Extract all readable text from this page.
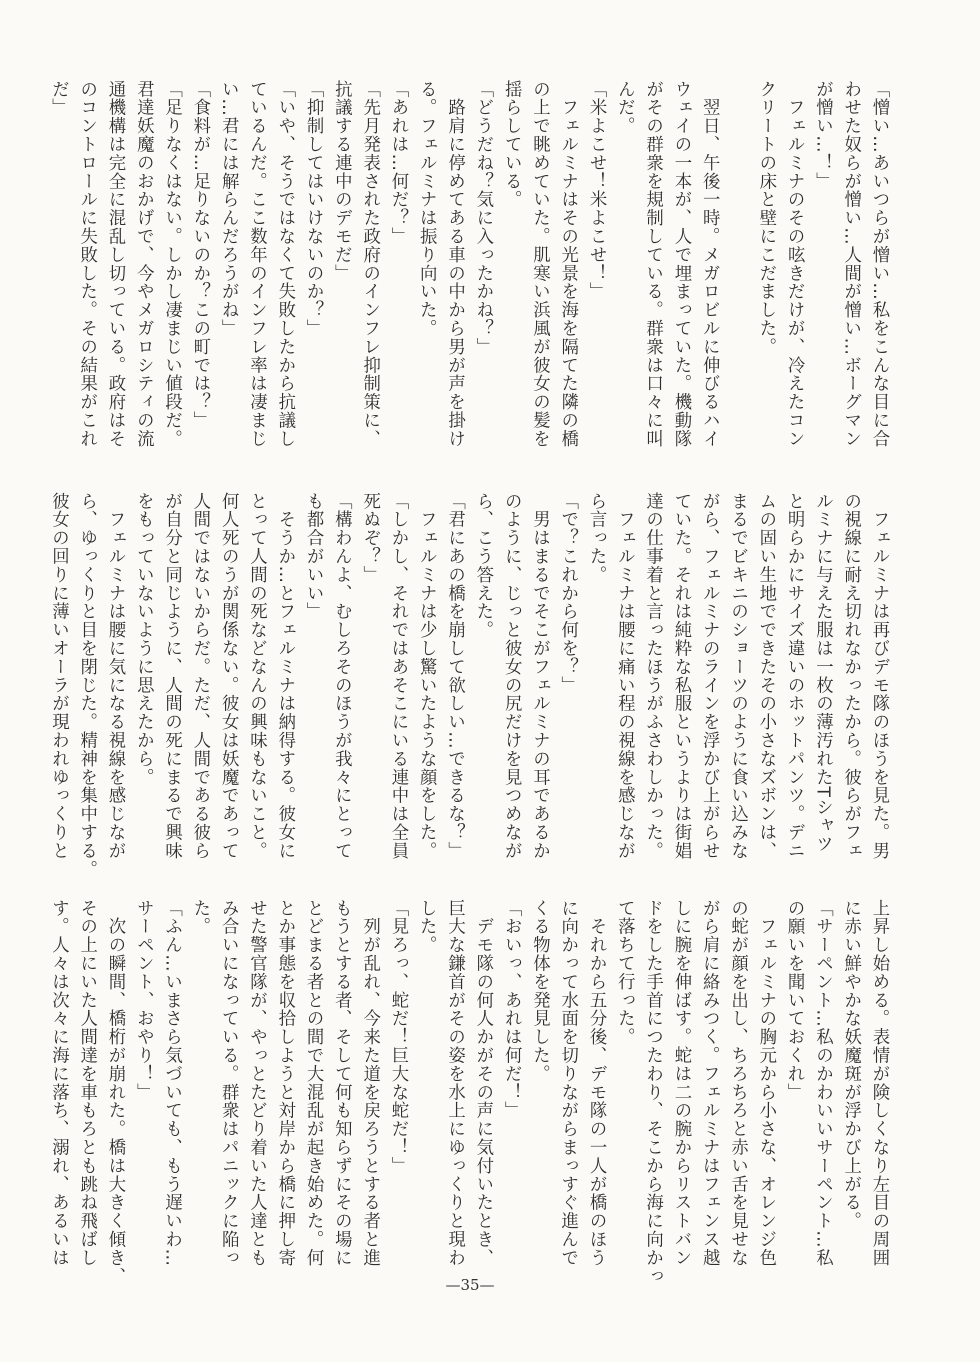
「憎い…あいつらが憎い…私をこんな目に合
わせた奴らが憎い…人間が憎い…ボーグマン
が憎い…！」
　フェルミナのその呟きだけが、冷えたコン
クリートの床と壁にこだました。
　翌日、午後一時。メガロビルに伸びるハイ
ウェイの一本が、人で埋まっていた。機動隊
がその群衆を規制している。群衆は口々に叫
んだ。
「米よこせ！米よこせ！」
　フェルミナはその光景を海を隔てた隣の橋
の上で眺めていた。肌寒い浜風が彼女の髪を
揺らしている。
「どうだね？気に入ったかね？」
　路肩に停めてある車の中から男が声を掛け
る。フェルミナは振り向いた。
「あれは…何だ？」
「先月発表された政府のインフレ抑制策に、
抗議する連中のデモだ」
「抑制してはいけないのか？」
「いや、そうではなくて失敗したから抗議し
ているんだ。ここ数年のインフレ率は凄まじ
い…君には解らんだろうがね」
「食料が…足りないのか？この町では？」
「足りなくはない。しかし凄まじい値段だ。
君達妖魔のおかげで、今やメガロシティの流
通機構は完全に混乱し切っている。政府はそ
のコントロールに失敗した。その結果がこれ
だ」
　フェルミナは再びデモ隊のほうを見た。男
の視線に耐え切れなかったから。彼らがフェ
ルミナに与えた服は一枚の薄汚れたTシャツ
と明らかにサイズ違いのホットパンツ。デニ
ムの固い生地でできたその小さなズボンは、
まるでビキニのショーツのように食い込みな
がら、フェルミナのラインを浮かび上がらせ
ていた。それは純粋な私服というよりは街娼
達の仕事着と言ったほうがふさわしかった。
　フェルミナは腰に痛い程の視線を感じなが
ら言った。
「で？これから何を？」
　男はまるでそこがフェルミナの耳であるか
のように、じっと彼女の尻だけを見つめなが
ら、こう答えた。
「君にあの橋を崩して欲しい…できるな？」
　フェルミナは少し驚いたような顔をした。
「しかし、それではあそこにいる連中は全員
死ぬぞ？」
「構わんよ、むしろそのほうが我々にとって
も都合がいい」
　そうか…とフェルミナは納得する。彼女に
とって人間の死などなんの興味もないこと。
何人死のうが関係ない。彼女は妖魔であって
人間ではないからだ。ただ、人間である彼ら
が自分と同じように、人間の死にまるで興味
をもっていないように思えたから。
　フェルミナは腰に気になる視線を感じなが
ら、ゆっくりと目を閉じた。精神を集中する。
彼女の回りに薄いオーラが現われゆっくりと
上昇し始める。表情が険しくなり左目の周囲
に赤い鮮やかな妖魔斑が浮かび上がる。
「サーペント…私のかわいいサーペント…私
の願いを聞いておくれ」
　フェルミナの胸元から小さな、オレンジ色
の蛇が顔を出し、ちろちろと赤い舌を見せな
がら肩に絡みつく。フェルミナはフェンス越
しに腕を伸ばす。蛇は二の腕からリストバン
ドをした手首につたわり、そこから海に向かっ
て落ちて行った。
　それから五分後、デモ隊の一人が橋のほう
に向かって水面を切りながらまっすぐ進んで
くる物体を発見した。
「おいっ、あれは何だ！」
　デモ隊の何人かがその声に気付いたとき、
巨大な鎌首がその姿を水上にゆっくりと現わ
した。
「見ろっ、蛇だ！巨大な蛇だ！」
　列が乱れ、今来た道を戻ろうとする者と進
もうとする者、そして何も知らずにその場に
とどまる者との間で大混乱が起き始めた。何
とか事態を収拾しようと対岸から橋に押し寄
せた警官隊が、やっとたどり着いた人達とも
み合いになっている。群衆はパニックに陥っ
た。
「ふん…いまさら気づいても、もう遅いわ…
サーペント、おやり！」
　次の瞬間、橋桁が崩れた。橋は大きく傾き、
その上にいた人間達を車もろとも跳ね飛ばし
す。人々は次々に海に落ち、溺れ、あるいは
—35—
